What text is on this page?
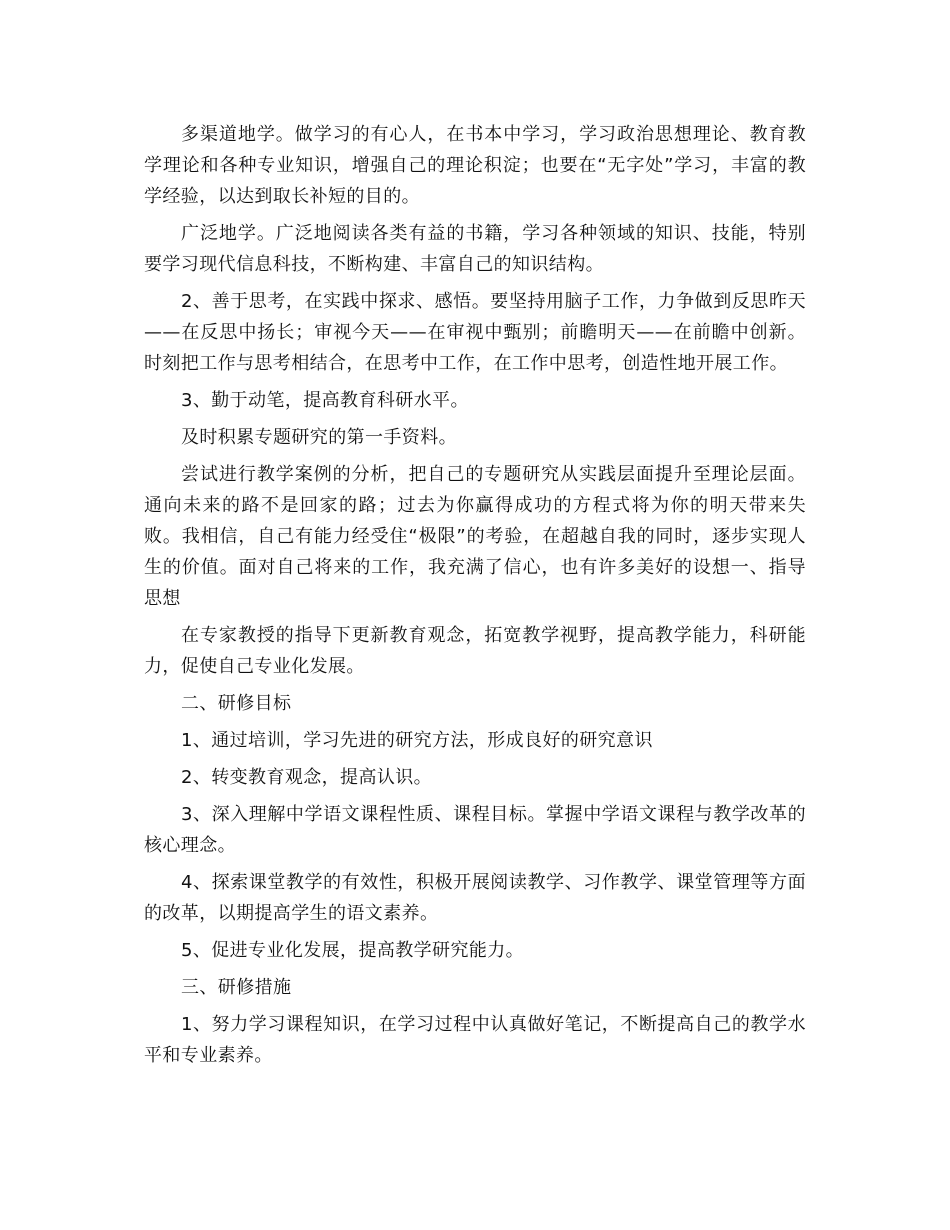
多渠道地学。做学习的有心人，在书本中学习，学习政治思想理论、教育教学理论和各种专业知识，增强自己的理论积淀；也要在“无字处”学习，丰富的教学经验，以达到取长补短的目的。

广泛地学。广泛地阅读各类有益的书籍，学习各种领域的知识、技能，特别要学习现代信息科技，不断构建、丰富自己的知识结构。

2、善于思考，在实践中探求、感悟。要坚持用脑子工作，力争做到反思昨天——在反思中扬长；审视今天——在审视中甄别；前瞻明天——在前瞻中创新。时刻把工作与思考相结合，在思考中工作，在工作中思考，创造性地开展工作。

3、勤于动笔，提高教育科研水平。

及时积累专题研究的第一手资料。

尝试进行教学案例的分析，把自己的专题研究从实践层面提升至理论层面。通向未来的路不是回家的路；过去为你赢得成功的方程式将为你的明天带来失败。我相信，自己有能力经受住“极限”的考验，在超越自我的同时，逐步实现人生的价值。面对自己将来的工作，我充满了信心，也有许多美好的设想一、指导思想

在专家教授的指导下更新教育观念，拓宽教学视野，提高教学能力，科研能力，促使自己专业化发展。

二、研修目标

1、通过培训，学习先进的研究方法，形成良好的研究意识

2、转变教育观念，提高认识。

3、深入理解中学语文课程性质、课程目标。掌握中学语文课程与教学改革的核心理念。

4、探索课堂教学的有效性，积极开展阅读教学、习作教学、课堂管理等方面的改革，以期提高学生的语文素养。

5、促进专业化发展，提高教学研究能力。

三、研修措施

1、努力学习课程知识，在学习过程中认真做好笔记，不断提高自己的教学水平和专业素养。
